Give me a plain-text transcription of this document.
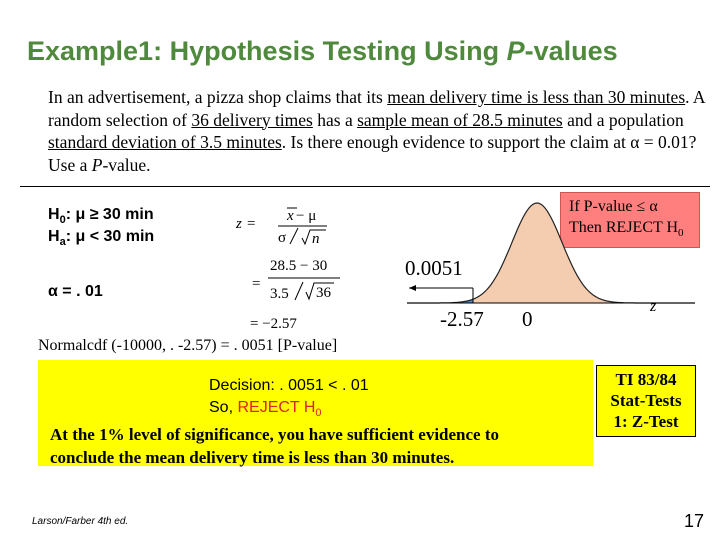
Example1: Hypothesis Testing Using P-values
In an advertisement, a pizza shop claims that its mean delivery time is less than 30 minutes. A random selection of 36 delivery times has a sample mean of 28.5 minutes and a population standard deviation of 3.5 minutes. Is there enough evidence to support the claim at α = 0.01? Use a P-value.
$H_0$: μ ≥ 30 min
$H_a$: μ < 30 min
α = . 01
z = x − μ
σ n
=
28.5 − 30
3.5 36
= −2.57
If P-value ≤ α
Then REJECT $H_0$
0.0051
-2.57 0
z
Normalcdf (-10000, . -2.57) = . 0051 [P-value]
Decision: . 0051 < . 01
So, REJECT $H_0$
At the 1% level of significance, you have sufficient evidence to
conclude the mean delivery time is less than 30 minutes.
TI 83/84
Stat-Tests
1: Z-Test
Larson/Farber 4th ed.	17
